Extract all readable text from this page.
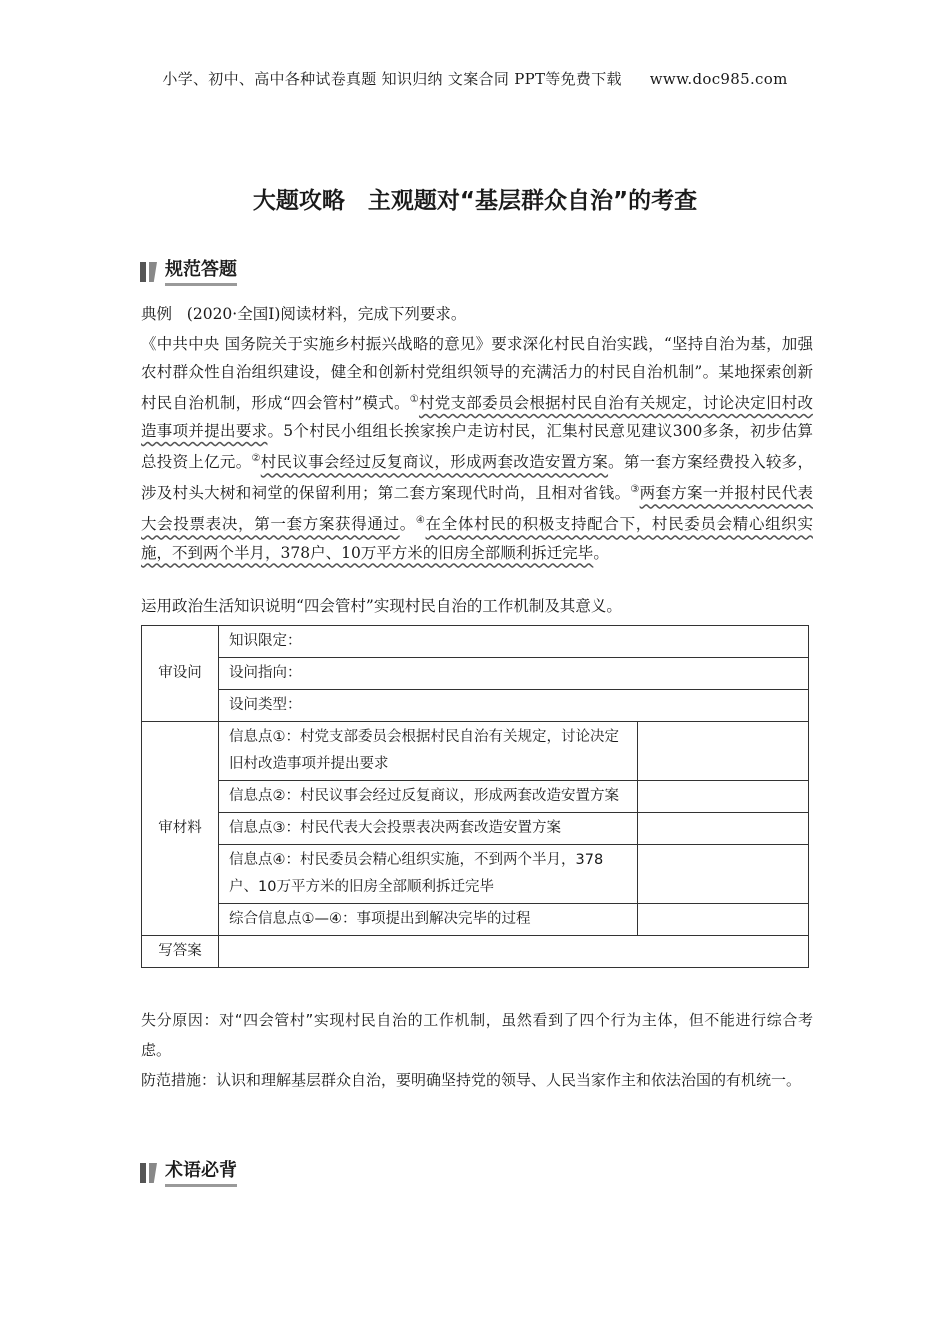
小学、初中、高中各种试卷真题 知识归纳 文案合同 PPT等免费下载 www.doc985.com
大题攻略　主观题对“基层群众自治”的考查
规范答题
典例 (2020·全国Ⅰ)阅读材料，完成下列要求。
《中共中央 国务院关于实施乡村振兴战略的意见》要求深化村民自治实践，“坚持自治为基，加强农村群众性自治组织建设，健全和创新村党组织领导的充满活力的村民自治机制”。某地探索创新村民自治机制，形成“四会管村”模式。①村党支部委员会根据村民自治有关规定，讨论决定旧村改造事项并提出要求。5个村民小组组长挨家挨户走访村民，汇集村民意见建议300多条，初步估算总投资上亿元。②村民议事会经过反复商议，形成两套改造安置方案。第一套方案经费投入较多，涉及村头大树和祠堂的保留利用；第二套方案现代时尚，且相对省钱。③两套方案一并报村民代表大会投票表决，第一套方案获得通过。④在全体村民的积极支持配合下，村民委员会精心组织实施，不到两个半月，378户、10万平方米的旧房全部顺利拆迁完毕。
运用政治生活知识说明“四会管村”实现村民自治的工作机制及其意义。
审设问	知识限定：	
	设问指向：	
	设问类型：	
审材料	信息点①：村党支部委员会根据村民自治有关规定，讨论决定旧村改造事项并提出要求	
	信息点②：村民议事会经过反复商议，形成两套改造安置方案	
	信息点③：村民代表大会投票表决两套改造安置方案	
	信息点④：村民委员会精心组织实施，不到两个半月，378户、10万平方米的旧房全部顺利拆迁完毕	
	综合信息点①—④：事项提出到解决完毕的过程	
写答案		
失分原因：对“四会管村”实现村民自治的工作机制，虽然看到了四个行为主体，但不能进行综合考虑。
防范措施：认识和理解基层群众自治，要明确坚持党的领导、人民当家作主和依法治国的有机统一。
术语必背
